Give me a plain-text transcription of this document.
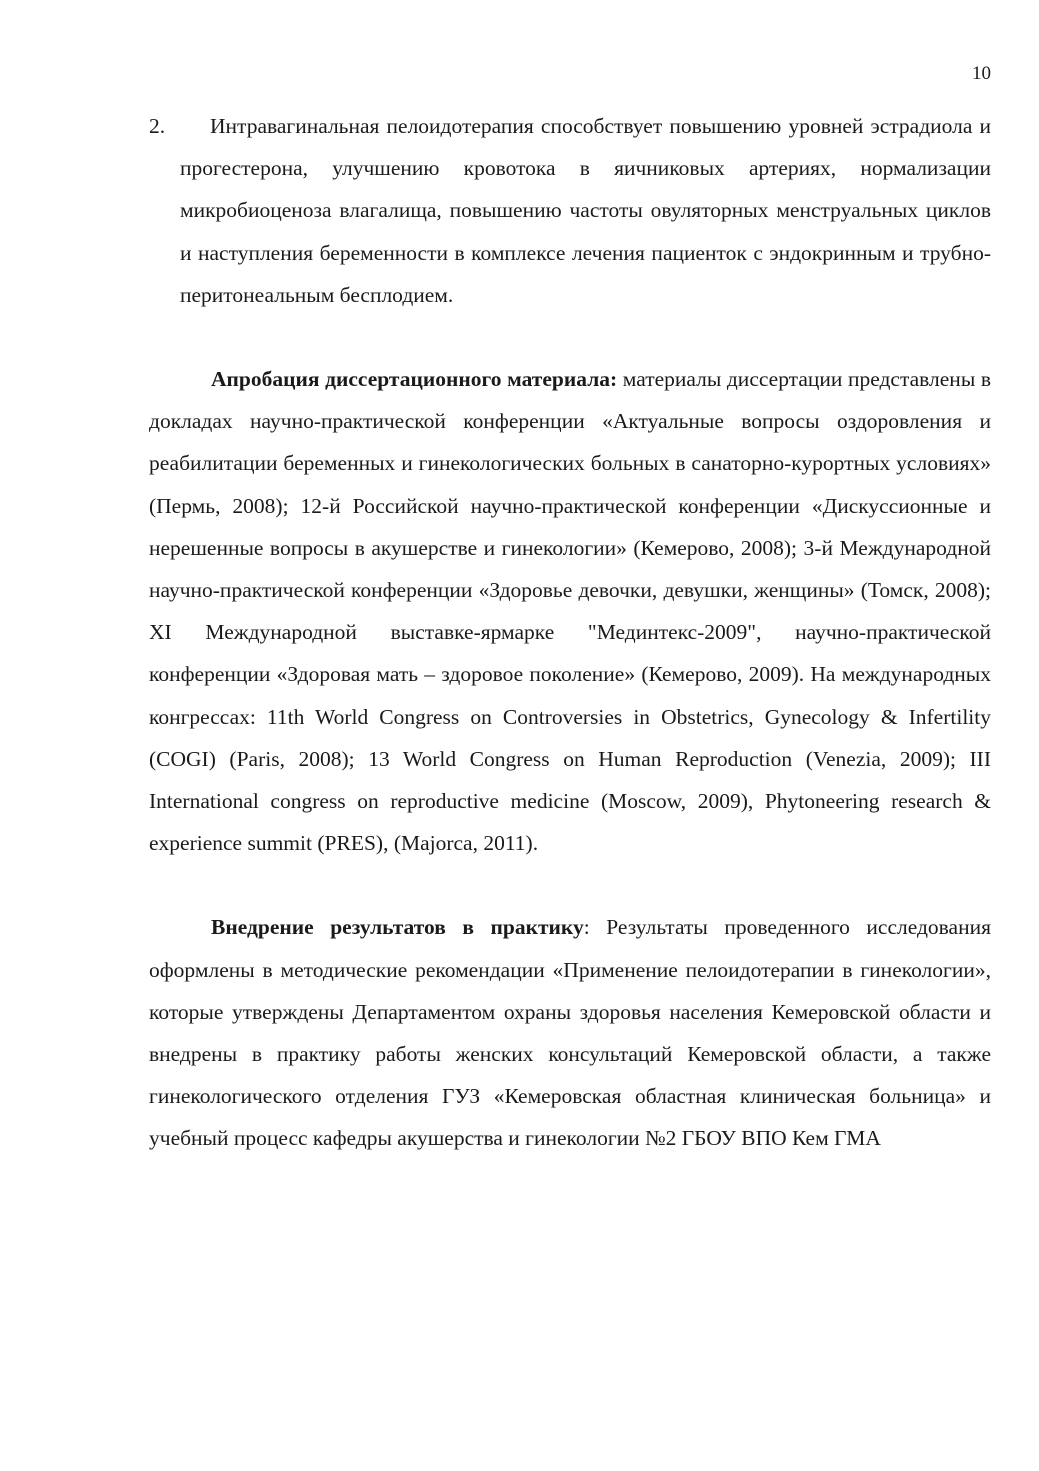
10

2.	Интравагинальная пелоидотерапия способствует повышению уровней эстрадиола и прогестерона, улучшению кровотока в яичниковых артериях, нормализации микробиоценоза влагалища, повышению частоты овуляторных менструальных циклов и наступления беременности в комплексе лечения пациенток с эндокринным и трубно-перитонеальным бесплодием.

Апробация диссертационного материала: материалы диссертации представлены в докладах научно-практической конференции «Актуальные вопросы оздоровления и реабилитации беременных и гинекологических больных в санаторно-курортных условиях» (Пермь, 2008); 12-й Российской научно-практической конференции «Дискуссионные и нерешенные вопросы в акушерстве и гинекологии» (Кемерово, 2008); 3-й Международной научно-практической конференции «Здоровье девочки, девушки, женщины» (Томск, 2008); XI Международной выставке-ярмарке "Мединтекс-2009", научно-практической конференции «Здоровая мать – здоровое поколение» (Кемерово, 2009). На международных конгрессах: 11th World Congress on Controversies in Obstetrics, Gynecology & Infertility (COGI) (Paris, 2008); 13 World Congress on Human Reproduction (Venezia, 2009); III International congress on reproductive medicine (Moscow, 2009), Phytoneering research & experience summit (PRES), (Majorca, 2011).

Внедрение результатов в практику: Результаты проведенного исследования оформлены в методические рекомендации «Применение пелоидотерапии в гинекологии», которые утверждены Департаментом охраны здоровья населения Кемеровской области и внедрены в практику работы женских консультаций Кемеровской области, а также гинекологического отделения ГУЗ «Кемеровская областная клиническая больница» и учебный процесс кафедры акушерства и гинекологии №2 ГБОУ ВПО Кем ГМА
